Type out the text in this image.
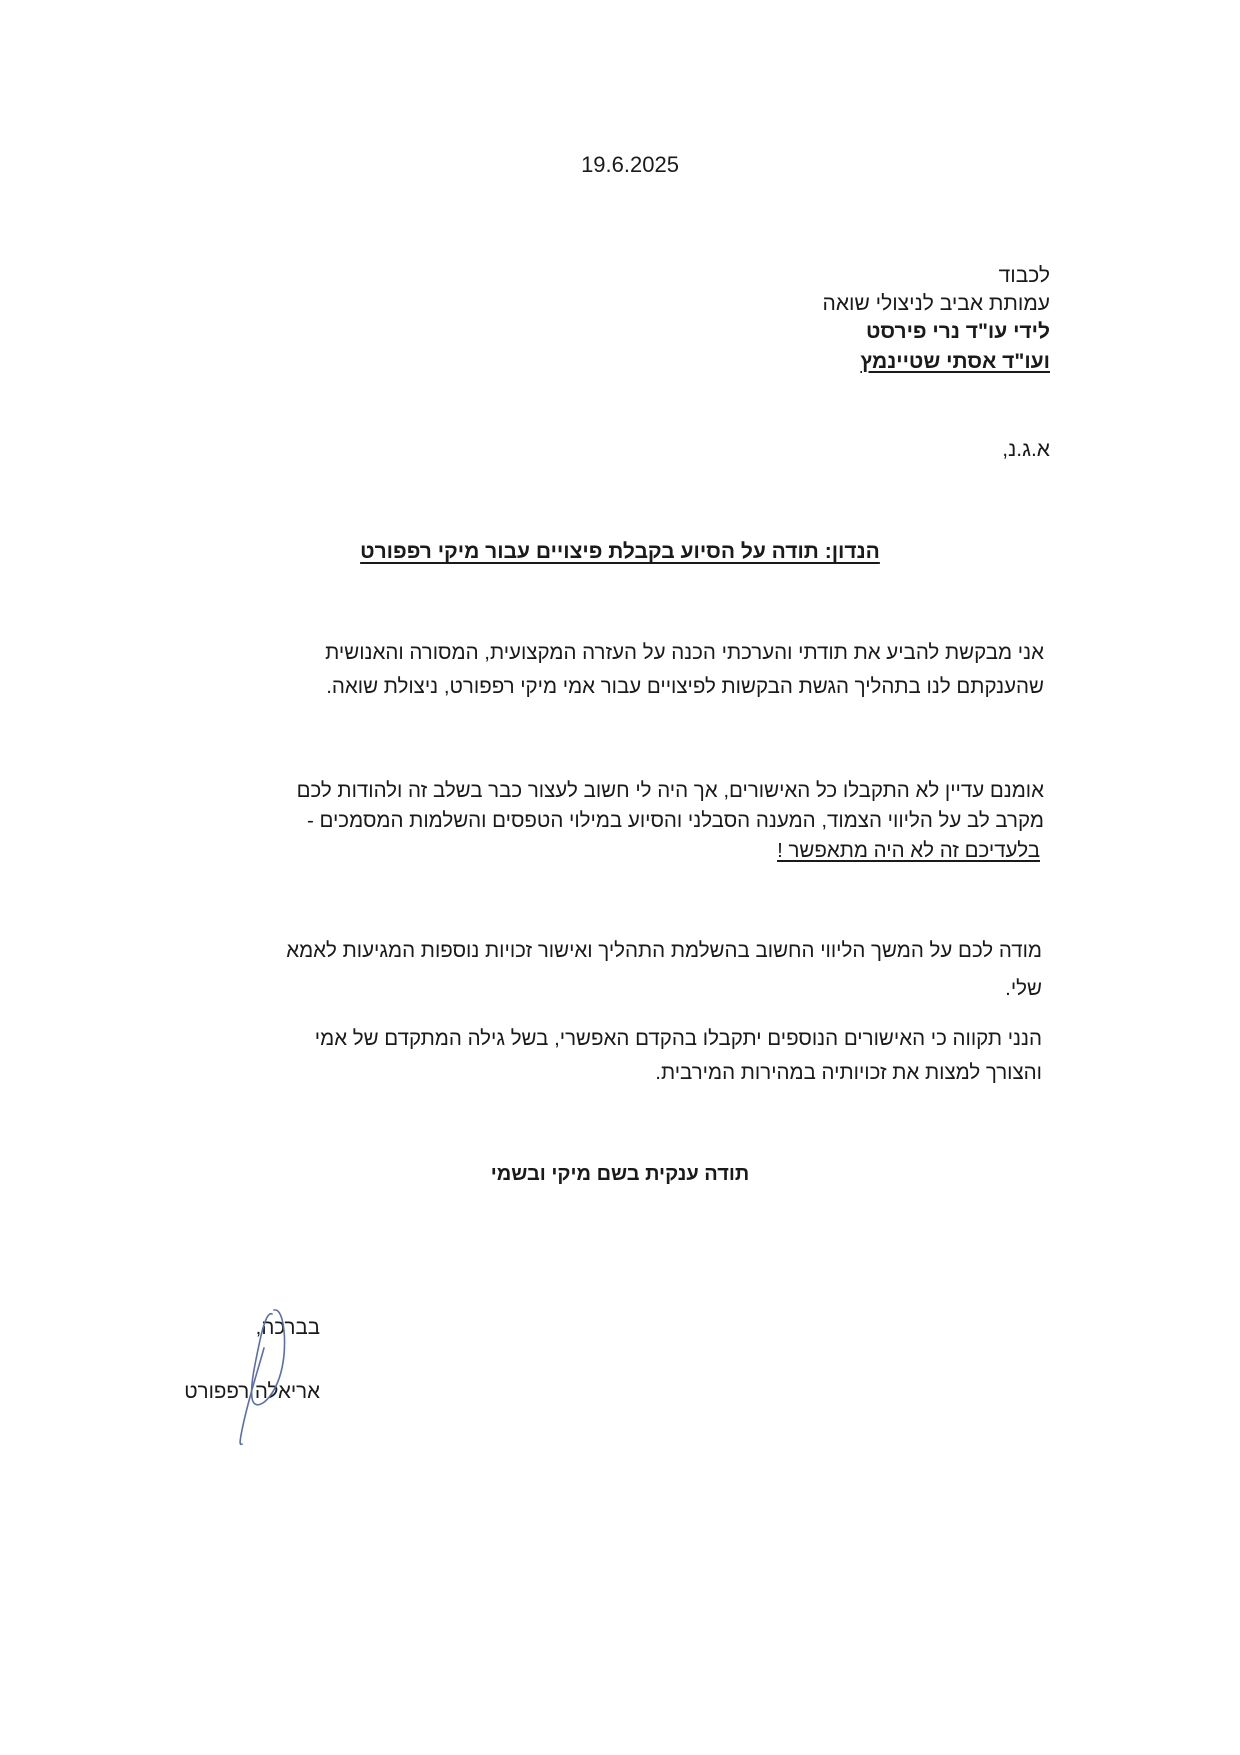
19.6.2025

לכבוד

עמותת אביב לניצולי שואה

לידי עו"ד נרי פירסט

ועו"ד אסתי שטיינמץ

א.ג.נ,

הנדון: תודה על הסיוע בקבלת פיצויים עבור מיקי רפפורט

אני מבקשת להביע את תודתי והערכתי הכנה על העזרה המקצועית, המסורה והאנושית

שהענקתם לנו בתהליך הגשת הבקשות לפיצויים עבור אמי מיקי רפפורט, ניצולת שואה.

אומנם עדיין לא התקבלו כל האישורים, אך היה לי חשוב לעצור כבר בשלב זה ולהודות לכם

מקרב לב על הליווי הצמוד, המענה הסבלני והסיוע במילוי הטפסים והשלמות המסמכים -

בלעדיכם זה לא היה מתאפשר !

מודה לכם על המשך הליווי החשוב בהשלמת התהליך ואישור זכויות נוספות המגיעות לאמא

שלי.

הנני תקווה כי האישורים הנוספים יתקבלו בהקדם האפשרי, בשל גילה המתקדם של אמי

והצורך למצות את זכויותיה במהירות המירבית.

תודה ענקית בשם מיקי ובשמי

בברכה,

אריאלה רפפורט
